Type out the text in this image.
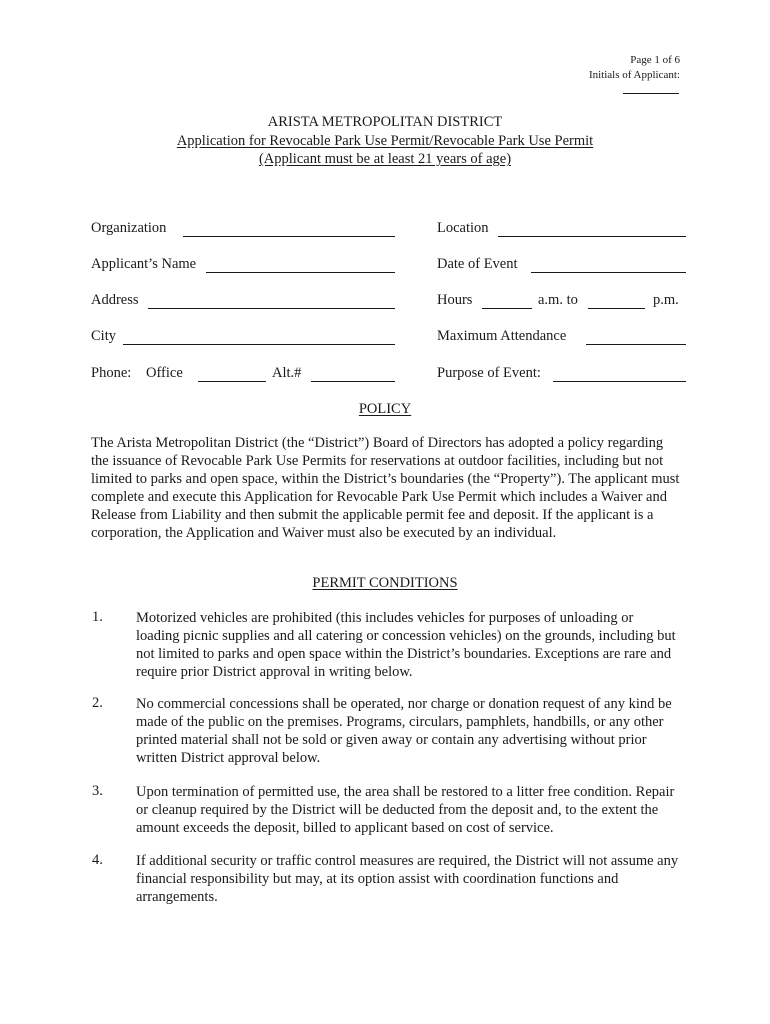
Page 1 of 6
Initials of Applicant:
ARISTA METROPOLITAN DISTRICT
Application for Revocable Park Use Permit/Revocable Park Use Permit
(Applicant must be at least 21 years of age)
Organization	Location
Applicant’s Name	Date of Event
Address	Hours	a.m. to	p.m.
City	Maximum Attendance
Phone: Office	Alt.#	Purpose of Event:
POLICY
The Arista Metropolitan District (the “District”) Board of Directors has adopted a policy regarding the issuance of Revocable Park Use Permits for reservations at outdoor facilities, including but not limited to parks and open space, within the District’s boundaries (the “Property”). The applicant must complete and execute this Application for Revocable Park Use Permit which includes a Waiver and Release from Liability and then submit the applicable permit fee and deposit. If the applicant is a corporation, the Application and Waiver must also be executed by an individual.
PERMIT CONDITIONS
1. Motorized vehicles are prohibited (this includes vehicles for purposes of unloading or loading picnic supplies and all catering or concession vehicles) on the grounds, including but not limited to parks and open space within the District’s boundaries. Exceptions are rare and require prior District approval in writing below.
2. No commercial concessions shall be operated, nor charge or donation request of any kind be made of the public on the premises. Programs, circulars, pamphlets, handbills, or any other printed material shall not be sold or given away or contain any advertising without prior written District approval below.
3. Upon termination of permitted use, the area shall be restored to a litter free condition. Repair or cleanup required by the District will be deducted from the deposit and, to the extent the amount exceeds the deposit, billed to applicant based on cost of service.
4. If additional security or traffic control measures are required, the District will not assume any financial responsibility but may, at its option assist with coordination functions and arrangements.
